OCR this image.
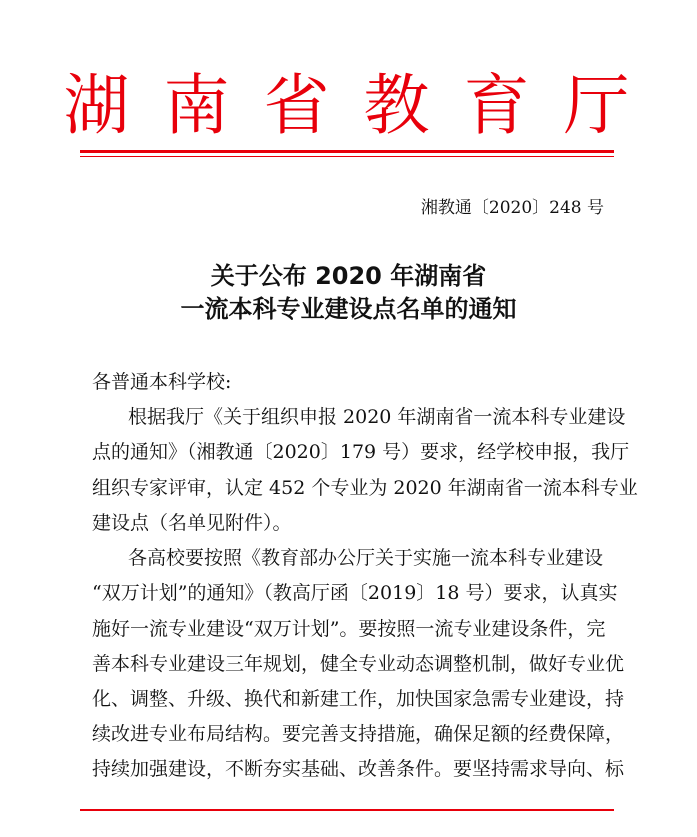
湖南省教育厅
湘教通〔2020〕248 号
关于公布 2020 年湖南省
一流本科专业建设点名单的通知
各普通本科学校:
根据我厅《关于组织申报 2020 年湖南省一流本科专业建设
点的通知》（湘教通〔2020〕179 号）要求，经学校申报，我厅
组织专家评审，认定 452 个专业为 2020 年湖南省一流本科专业
建设点（名单见附件）。
各高校要按照《教育部办公厅关于实施一流本科专业建设
“双万计划”的通知》（教高厅函〔2019〕18 号）要求，认真实
施好一流专业建设“双万计划”。要按照一流专业建设条件，完
善本科专业建设三年规划，健全专业动态调整机制，做好专业优
化、调整、升级、换代和新建工作，加快国家急需专业建设，持
续改进专业布局结构。要完善支持措施，确保足额的经费保障，
持续加强建设，不断夯实基础、改善条件。要坚持需求导向、标
